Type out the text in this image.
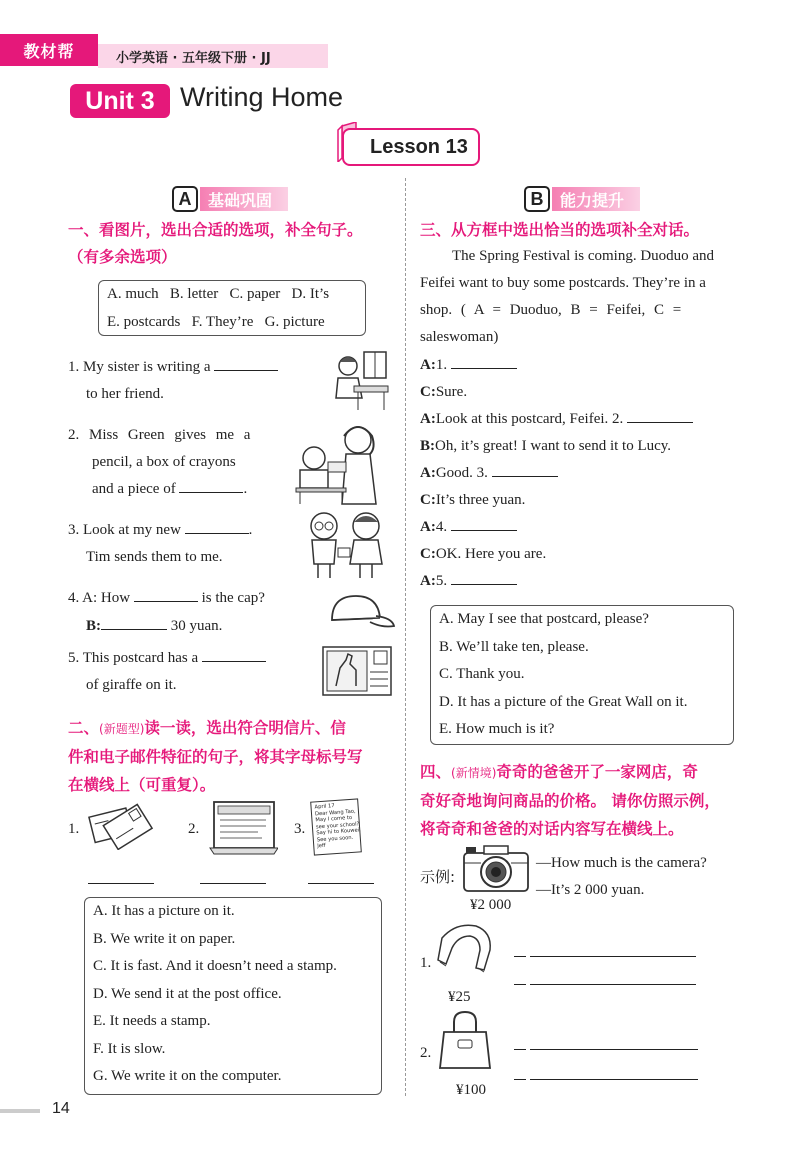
教材帮	小学英语 · 五年级下册 · JJ
Unit 3 Writing Home
Lesson 13
A	基础巩固
一、看图片，选出合适的选项，补全句子。
（有多余选项）
A. much   B. letter   C. paper   D. It’s
E. postcards   F. They’re   G. picture
1. My sister is writing a
to her friend.
2. Miss Green gives me a
pencil, a box of crayons
and a piece of	.
3. Look at my new	.
Tim sends them to me.
4. A: How	is the cap?
B:	30 yuan.
5. This postcard has a
of giraffe on it.
二、(新题型)读一读，选出符合明信片、信
件和电子邮件特征的句子，将其字母标号写
在横线上（可重复）。
1.	2.	3.
April 17
Dear Wang Tao,
May I come to
see your school?
Say hi to Kouwei.
See you soon.
Jeff
A. It has a picture on it.
B. We write it on paper.
C. It is fast. And it doesn’t need a stamp.
D. We send it at the post office.
E. It needs a stamp.
F. It is slow.
G. We write it on the computer.
B	能力提升
三、从方框中选出恰当的选项补全对话。
The Spring Festival is coming. Duoduo and
Feifei want to buy some postcards. They’re in a
shop. ( A = Duoduo, B = Feifei, C =
saleswoman)
A:1.
C:Sure.
A:Look at this postcard, Feifei. 2.
B:Oh, it’s great! I want to send it to Lucy.
A:Good. 3.
C:It’s three yuan.
A:4.
C:OK. Here you are.
A:5.
A. May I see that postcard, please?
B. We’ll take ten, please.
C. Thank you.
D. It has a picture of the Great Wall on it.
E. How much is it?
四、(新情境)奇奇的爸爸开了一家网店，奇
奇好奇地询问商品的价格。 请你仿照示例，
将奇奇和爸爸的对话内容写在横线上。
示例:
¥2 000
—How much is the camera?
—It’s 2 000 yuan.
1.
¥25
2.
¥100
14
